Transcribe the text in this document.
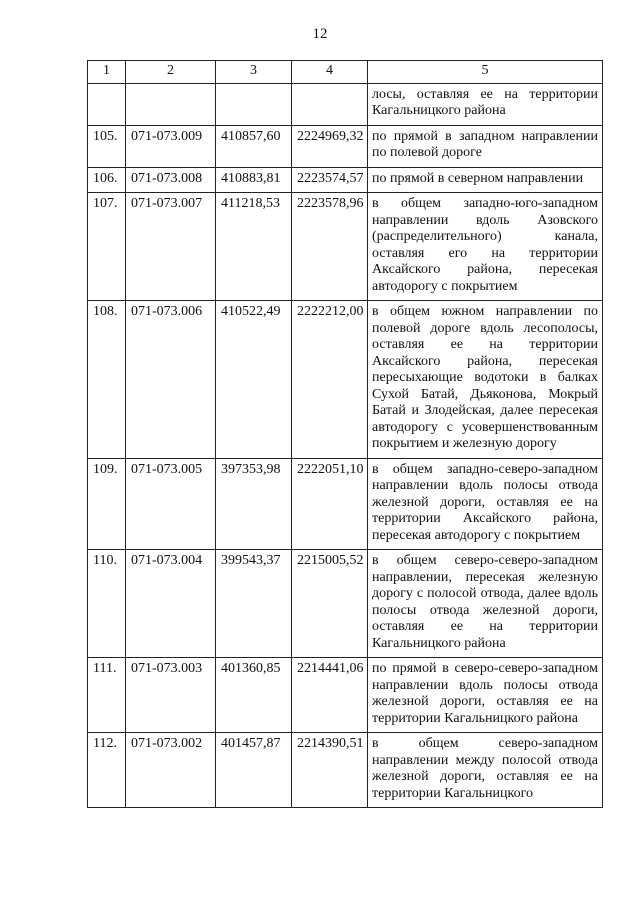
12
1	2	3	4	5
				лосы, оставляя ее на территории Кагальницкого района
105.	071-073.009	410857,60	2224969,32	по прямой в западном направлении по полевой дороге
106.	071-073.008	410883,81	2223574,57	по прямой в северном направлении
107.	071-073.007	411218,53	2223578,96	в общем западно-юго-западном направлении вдоль Азовского (распределительного) канала, оставляя его на территории Аксайского района, пересекая автодорогу с покрытием
108.	071-073.006	410522,49	2222212,00	в общем южном направлении по полевой дороге вдоль лесополосы, оставляя ее на территории Аксайского района, пересекая пересыхающие водотоки в балках Сухой Батай, Дьяконова, Мокрый Батай и Злодейская, далее пересекая автодорогу с усовершенствованным покрытием и железную дорогу
109.	071-073.005	397353,98	2222051,10	в общем западно-северо-западном направлении вдоль полосы отвода железной дороги, оставляя ее на территории Аксайского района, пересекая автодорогу с покрытием
110.	071-073.004	399543,37	2215005,52	в общем северо-северо-западном направлении, пересекая железную дорогу с полосой отвода, далее вдоль полосы отвода железной дороги, оставляя ее на территории Кагальницкого района
111.	071-073.003	401360,85	2214441,06	по прямой в северо-северо-западном направлении вдоль полосы отвода железной дороги, оставляя ее на территории Кагальницкого района
112.	071-073.002	401457,87	2214390,51	в общем северо-западном направлении между полосой отвода железной дороги, оставляя ее на территории Кагальницкого
